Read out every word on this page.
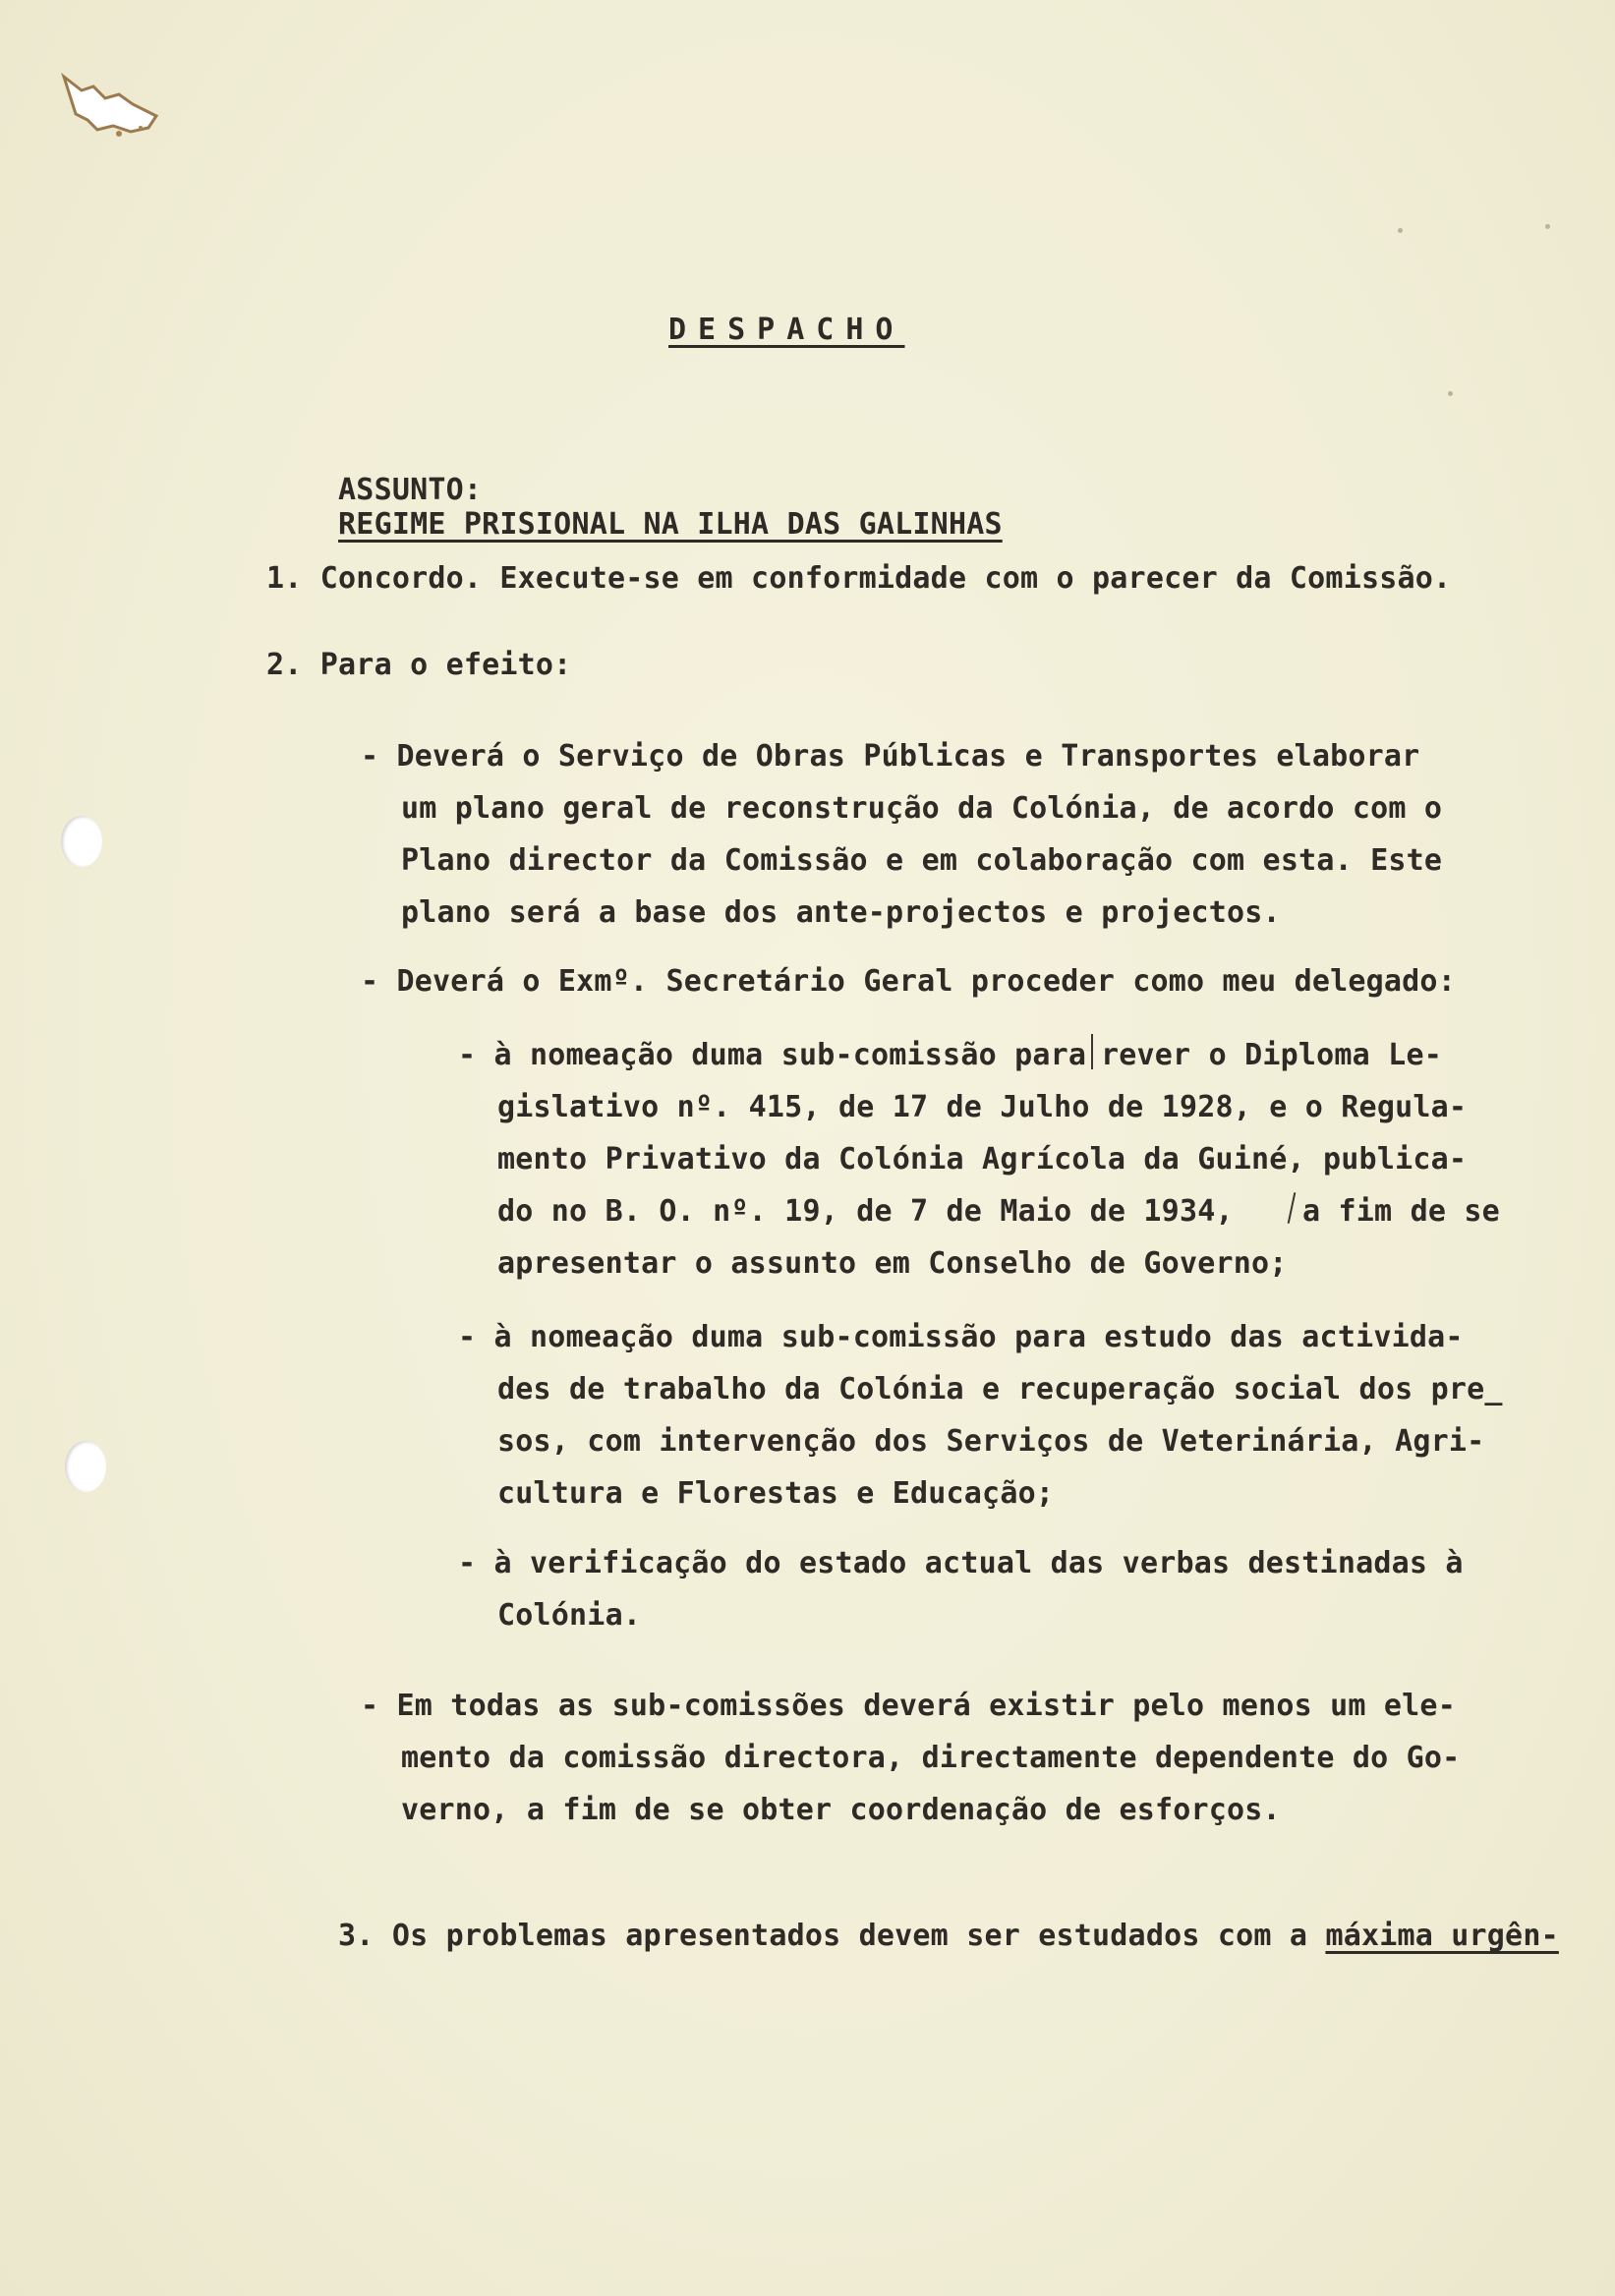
DESPACHO

ASSUNTO:
REGIME PRISIONAL NA ILHA DAS GALINHAS

1. Concordo. Execute-se em conformidade com o parecer da Comissão.
2. Para o efeito:
- Deverá o Serviço de Obras Públicas e Transportes elaborar
um plano geral de reconstrução da Colónia, de acordo com o
Plano director da Comissão e em colaboração com esta. Este
plano será a base dos ante-projectos e projectos.
- Deverá o Exmº. Secretário Geral proceder como meu delegado:
- à nomeação duma sub-comissão para rever o Diploma Le-
gislativo nº. 415, de 17 de Julho de 1928, e o Regula-
mento Privativo da Colónia Agrícola da Guiné, publica-
do no B. O. nº. 19, de 7 de Maio de 1934, a fim de se
apresentar o assunto em Conselho de Governo;
- à nomeação duma sub-comissão para estudo das activida-
des de trabalho da Colónia e recuperação social dos pre_
sos, com intervenção dos Serviços de Veterinária, Agri-
cultura e Florestas e Educação;
- à verificação do estado actual das verbas destinadas à
Colónia.
- Em todas as sub-comissões deverá existir pelo menos um ele-
mento da comissão directora, directamente dependente do Go-
verno, a fim de se obter coordenação de esforços.

3. Os problemas apresentados devem ser estudados com a máxima urgên-
